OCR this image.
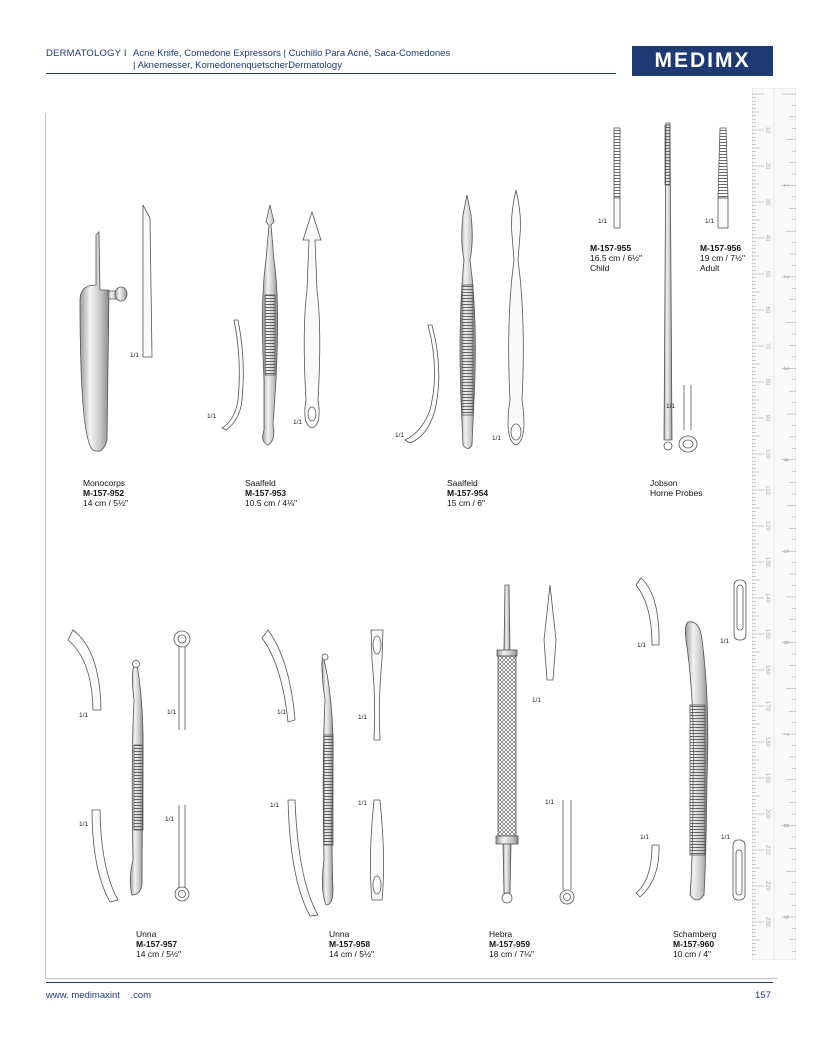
DERMATOLOGY I Acne Knife, Comedone Expressors | Cuchillo Para Acné, Saca-Comedones
| Aknemesser, KomedonenquetscherDermatology	MEDIMX
10
20
30
40
50
60
70
80
90
100
110
120
130
140
150
160
170
180
190
200
210
220
230
1
2
3
4
5
6
7
8
9
1/1
1/1
1/1
1/1	1/1
1/1	1/1
1/1
1/1	1/1
1/1
1/1
1/1
1/1
1/1	1/1
1/1
1/1
1/1
1/1
1/1	1/1
M-157-955
16.5 cm / 6½"
Child
M-157-956
19 cm / 7½"
Adult
Monocorps
M-157-952
14 cm / 5½"
Saalfeld
M-157-953
10.5 cm / 4⅛"
Saalfeld
M-157-954
15 cm / 6"
Jobson
Horne Probes
Unna
M-157-957
14 cm / 5½"
Unna
M-157-958
14 cm / 5½"
Hebra
M-157-959
18 cm / 7⅛"
Schamberg
M-157-960
10 cm / 4"
www. medimaxint    .com	157
